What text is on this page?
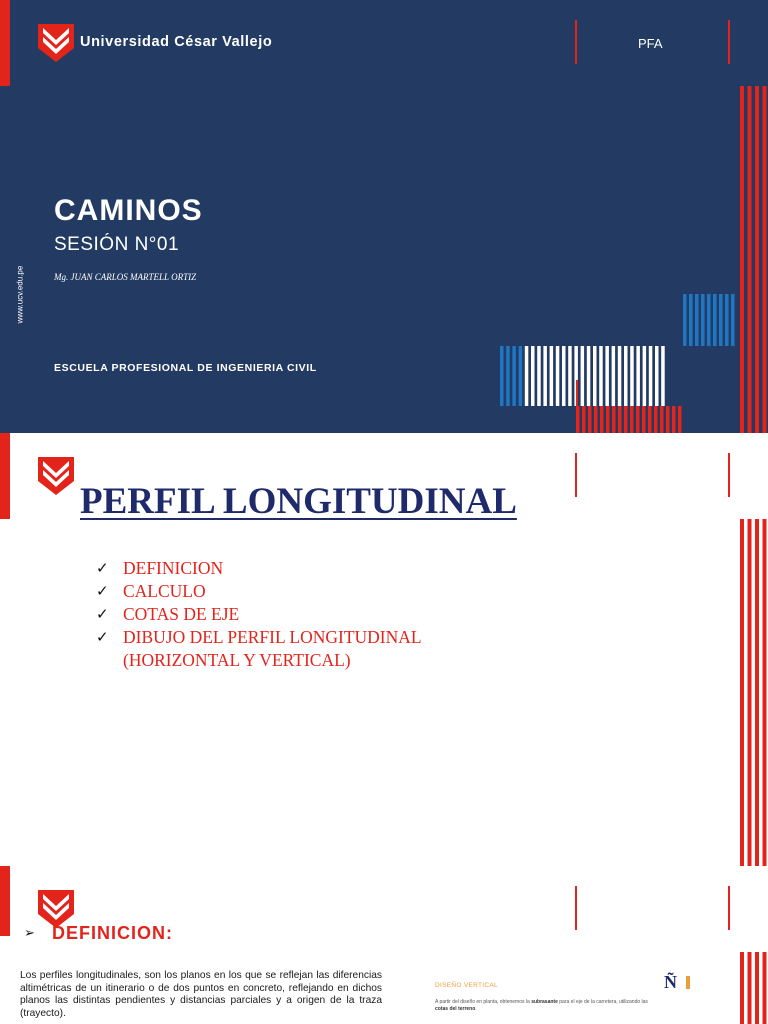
Universidad César Vallejo	PFA
CAMINOS
SESIÓN N°01
Mg. JUAN CARLOS MARTELL ORTIZ
www.ucv.edu.pe
ESCUELA PROFESIONAL DE INGENIERIA CIVIL
PERFIL LONGITUDINAL
✓ DEFINICION
✓ CALCULO
✓ COTAS DE EJE
✓ DIBUJO DEL PERFIL LONGITUDINAL
(HORIZONTAL Y VERTICAL)
➢ DEFINICION:
Los perfiles longitudinales, son los planos en los que se reflejan las diferencias altimétricas de un itinerario o de dos puntos en concreto, reflejando en dichos planos las distintas pendientes y distancias parciales y a origen de la traza (trayecto).
DISEÑO VERTICAL
A partir del diseño en planta, obtenemos la subrasante para el eje de la carretera, utilizando las cotas del terreno.
Ñ
